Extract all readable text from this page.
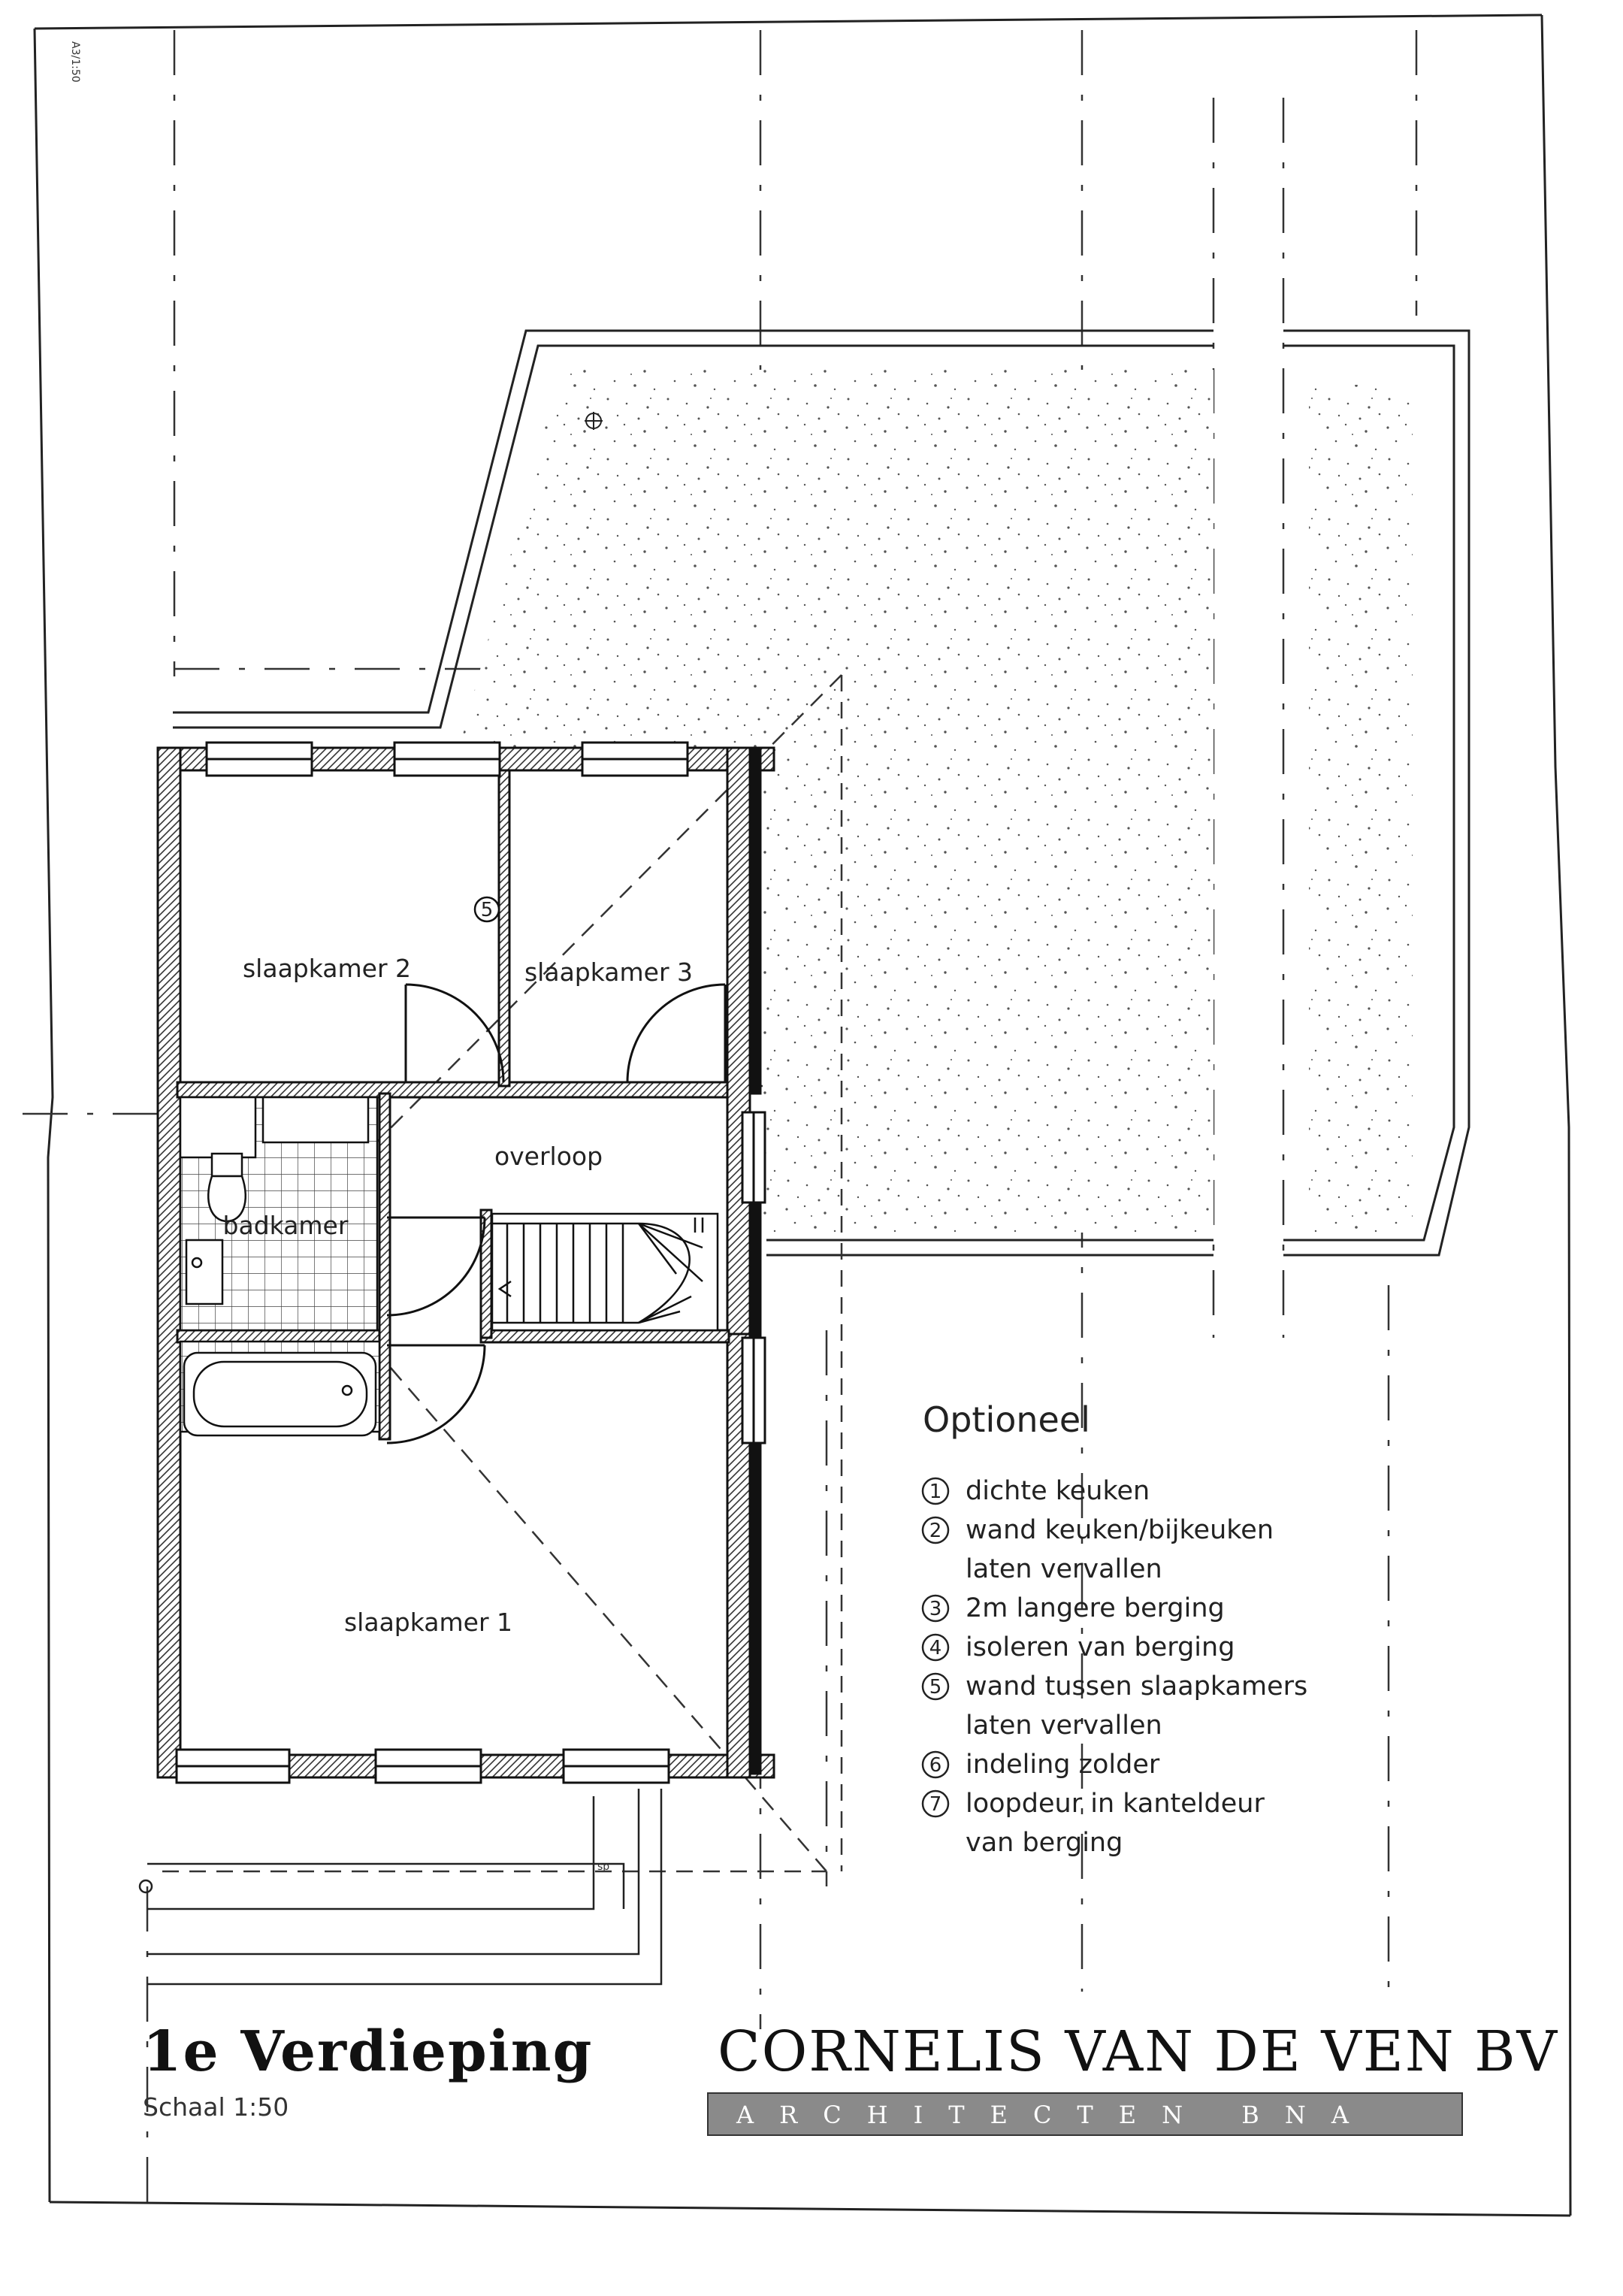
A3/1:50
sp
5
slaapkamer 2	slaapkamer 3
overloop
badkamer
slaapkamer 1
Optioneel
1 dichte keuken
2 wand keuken/bijkeuken
laten vervallen
3 2m langere berging
4 isoleren van berging
5 wand tussen slaapkamers
laten vervallen
6 indeling zolder
7 loopdeur in kanteldeur
van berging
1e Verdieping
Schaal 1:50
CORNELIS VAN DE VEN BV
ARCHITECTEN BNA
